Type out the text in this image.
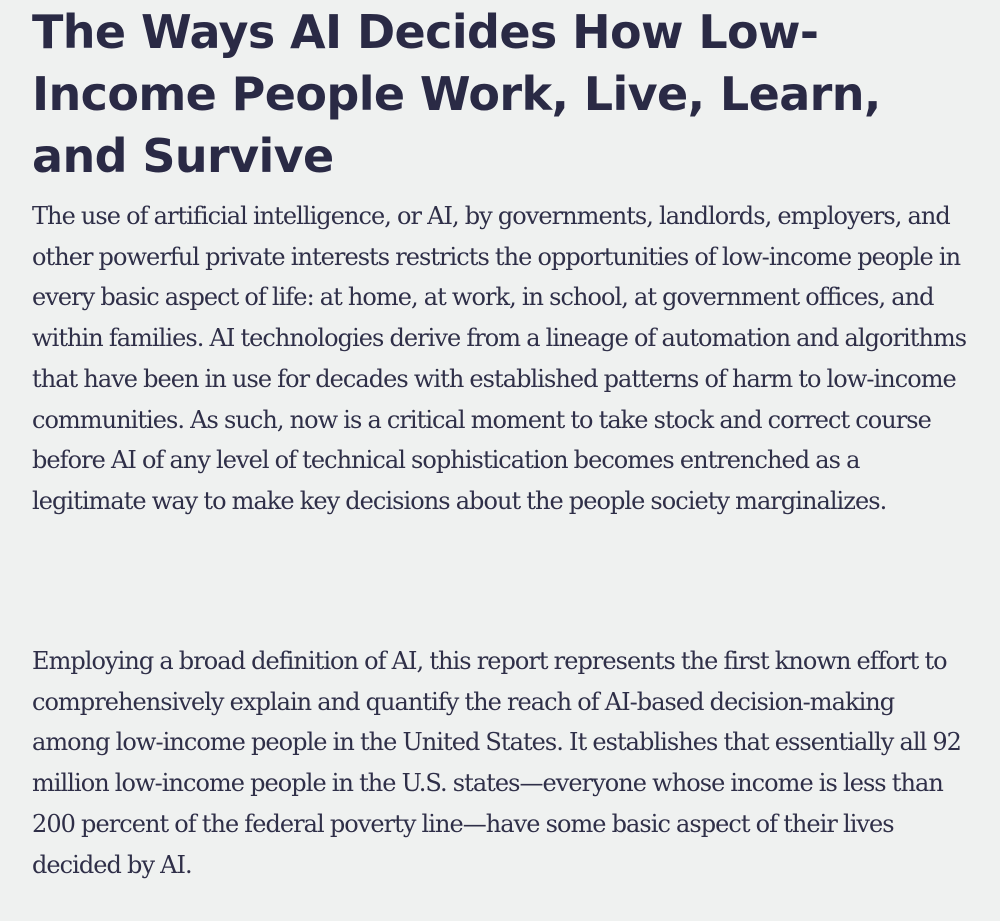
The Ways AI Decides How Low-Income People Work, Live, Learn, and Survive

The use of artificial intelligence, or AI, by governments, landlords, employers, and other powerful private interests restricts the opportunities of low-income people in every basic aspect of life: at home, at work, in school, at government offices, and within families. AI technologies derive from a lineage of automation and algorithms that have been in use for decades with established patterns of harm to low-income communities. As such, now is a critical moment to take stock and correct course before AI of any level of technical sophistication becomes entrenched as a legitimate way to make key decisions about the people society marginalizes.

Employing a broad definition of AI, this report represents the first known effort to comprehensively explain and quantify the reach of AI-based decision-making among low-income people in the United States. It establishes that essentially all 92 million low-income people in the U.S. states—everyone whose income is less than 200 percent of the federal poverty line—have some basic aspect of their lives decided by AI.
